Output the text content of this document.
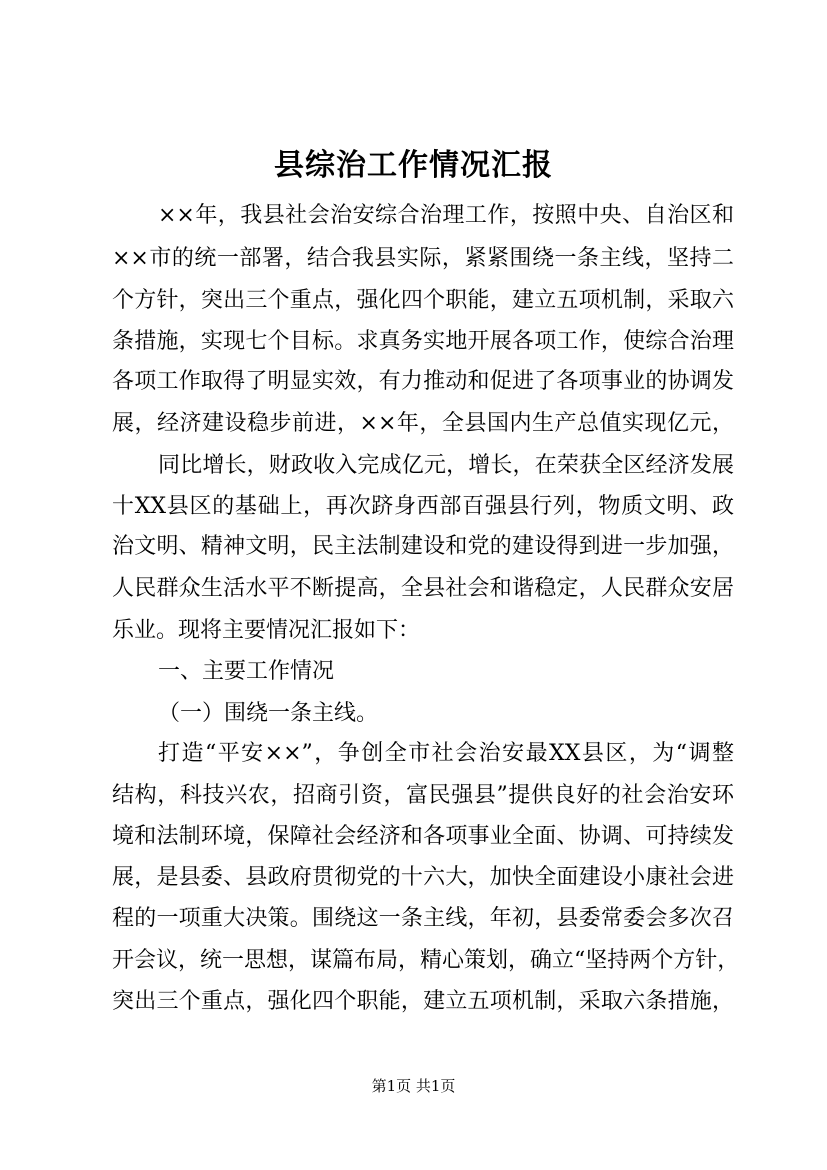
县综治工作情况汇报
××年，我县社会治安综合治理工作，按照中央、自治区和
××市的统一部署，结合我县实际，紧紧围绕一条主线，坚持二
个方针，突出三个重点，强化四个职能，建立五项机制，采取六
条措施，实现七个目标。求真务实地开展各项工作，使综合治理
各项工作取得了明显实效，有力推动和促进了各项事业的协调发
展，经济建设稳步前进，××年，全县国内生产总值实现亿元，
同比增长，财政收入完成亿元，增长，在荣获全区经济发展
十XX县区的基础上，再次跻身西部百强县行列，物质文明、政
治文明、精神文明，民主法制建设和党的建设得到进一步加强，
人民群众生活水平不断提高，全县社会和谐稳定，人民群众安居
乐业。现将主要情况汇报如下：
一、主要工作情况
（一）围绕一条主线。
打造“平安××”，争创全市社会治安最XX县区，为“调整
结构，科技兴农，招商引资，富民强县”提供良好的社会治安环
境和法制环境，保障社会经济和各项事业全面、协调、可持续发
展，是县委、县政府贯彻党的十六大，加快全面建设小康社会进
程的一项重大决策。围绕这一条主线，年初，县委常委会多次召
开会议，统一思想，谋篇布局，精心策划，确立“坚持两个方针，
突出三个重点，强化四个职能，建立五项机制，采取六条措施，
第1页 共1页
